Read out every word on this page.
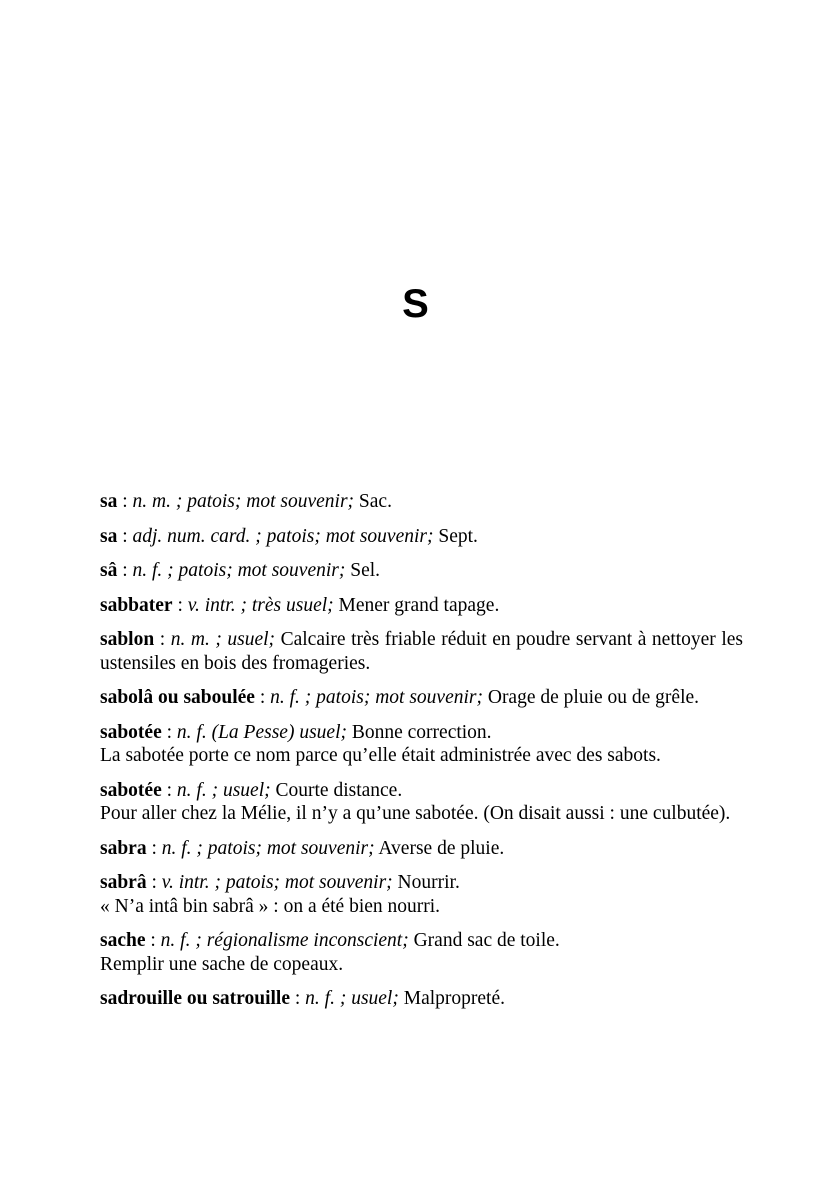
S

sa : n. m. ; patois; mot souvenir; Sac.

sa : adj. num. card. ; patois; mot souvenir; Sept.

sâ : n. f. ; patois; mot souvenir; Sel.

sabbater : v. intr. ; très usuel; Mener grand tapage.

sablon : n. m. ; usuel; Calcaire très friable réduit en poudre servant à nettoyer les ustensiles en bois des fromageries.

sabolâ ou saboulée : n. f. ; patois; mot souvenir; Orage de pluie ou de grêle.

sabotée : n. f. (La Pesse) usuel; Bonne correction.
La sabotée porte ce nom parce qu’elle était administrée avec des sabots.

sabotée : n. f. ; usuel; Courte distance.
Pour aller chez la Mélie, il n’y a qu’une sabotée. (On disait aussi : une culbutée).

sabra : n. f. ; patois; mot souvenir; Averse de pluie.

sabrâ : v. intr. ; patois; mot souvenir; Nourrir.
« N’a intâ bin sabrâ » : on a été bien nourri.

sache : n. f. ; régionalisme inconscient; Grand sac de toile.
Remplir une sache de copeaux.

sadrouille ou satrouille : n. f. ; usuel; Malpropreté.
